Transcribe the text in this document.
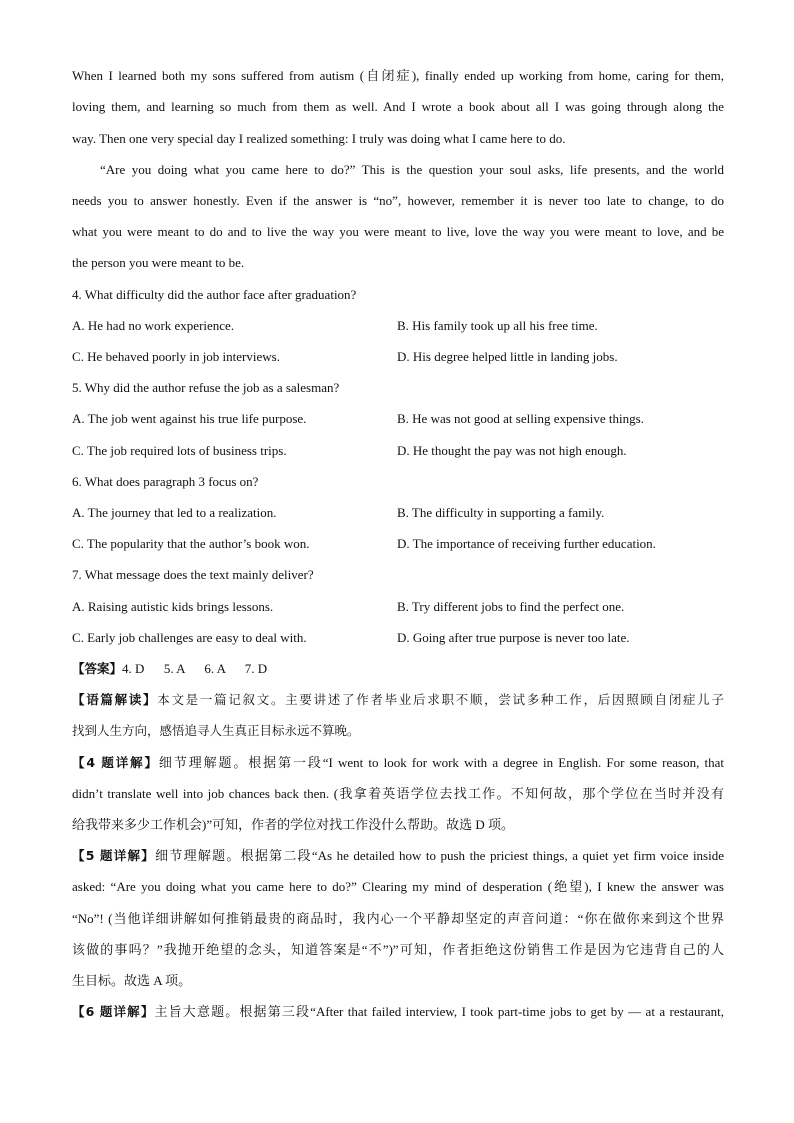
When I learned both my sons suffered from autism (自闭症), finally ended up working from home, caring for them,
loving them, and learning so much from them as well. And I wrote a book about all I was going through along the
way. Then one very special day I realized something: I truly was doing what I came here to do.
“Are you doing what you came here to do?” This is the question your soul asks, life presents, and the world
needs you to answer honestly. Even if the answer is “no”, however, remember it is never too late to change, to do
what you were meant to do and to live the way you were meant to live, love the way you were meant to love, and be
the person you were meant to be.
4. What difficulty did the author face after graduation?
A. He had no work experience.	B. His family took up all his free time.
C. He behaved poorly in job interviews.	D. His degree helped little in landing jobs.
5. Why did the author refuse the job as a salesman?
A. The job went against his true life purpose.	B. He was not good at selling expensive things.
C. The job required lots of business trips.	D. He thought the pay was not high enough.
6. What does paragraph 3 focus on?
A. The journey that led to a realization.	B. The difficulty in supporting a family.
C. The popularity that the author’s book won.	D. The importance of receiving further education.
7. What message does the text mainly deliver?
A. Raising autistic kids brings lessons.	B. Try different jobs to find the perfect one.
C. Early job challenges are easy to deal with.	D. Going after true purpose is never too late.
【答案】4. D      5. A      6. A      7. D
【语篇解读】本文是一篇记叙文。主要讲述了作者毕业后求职不顺，尝试多种工作，后因照顾自闭症儿子
找到人生方向，感悟追寻人生真正目标永远不算晚。
【4 题详解】细节理解题。根据第一段“I went to look for work with a degree in English. For some reason, that
didn’t translate well into job chances back then. (我拿着英语学位去找工作。不知何故，那个学位在当时并没有
给我带来多少工作机会)”可知，作者的学位对找工作没什么帮助。故选 D 项。
【5 题详解】细节理解题。根据第二段“As he detailed how to push the priciest things, a quiet yet firm voice inside
asked: “Are you doing what you came here to do?” Clearing my mind of desperation (绝望), I knew the answer was
“No”! (当他详细讲解如何推销最贵的商品时，我内心一个平静却坚定的声音问道：“你在做你来到这个世界
该做的事吗？”我抛开绝望的念头，知道答案是“不”)”可知，作者拒绝这份销售工作是因为它违背自己的人
生目标。故选 A 项。
【6 题详解】主旨大意题。根据第三段“After that failed interview, I took part-time jobs to get by — at a restaurant,
